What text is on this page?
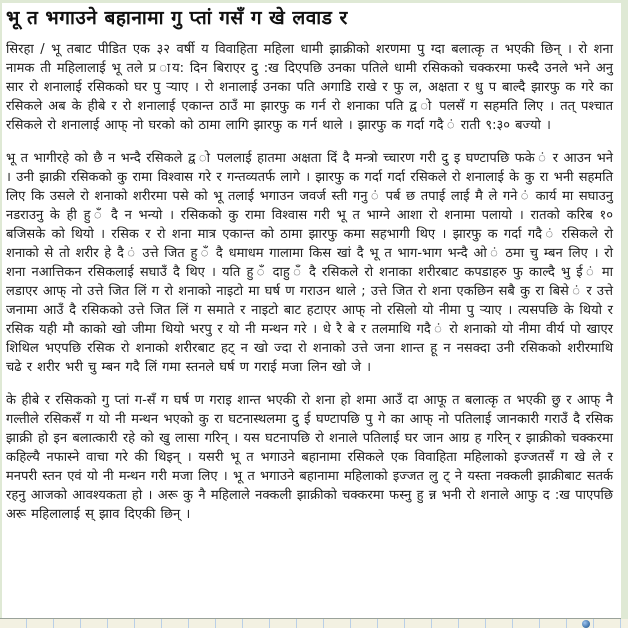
भू त भगाउने बहानामा गु प्तां गसँ ग खे लवाड र

सिरहा / भू तबाट पीडित एक ३२ वर्षी य विवाहिता महिला धामी झाक्रीको शरणमा पु ग्दा बलात्कृ त भएकी छिन् । रो शना नामक ती महिलालाई भू तले प्र ाय: दिन बिराएर दु :ख दिएपछि उनका पतिले धामी रसिकको चक्करमा फस्दै उनले भने अनु सार रो शनालाई रसिकको घर पु ऱ्याए । रो शनालाई उनका पति अगाडि राखे र फु ल, अक्षता र धु प बाल्दै झारफु क गरे का रसिकले अब के हीबे र रो शनालाई एकान्त ठाउँ मा झारफु क गर्न रो शनाका पति द्व ो पलसँ ग सहमति लिए । तत् पश्चात रसिकले रो शनालाई आफ् नो घरको को ठामा लागि झारफु क गर्न थाले । झारफु क गर्दा गदै ं राती ९:३० बज्यो ।

भू त भागीरहे को छै न भन्दै रसिकले द्व ो पललाई हातमा अक्षता दिं दै मन्त्रो च्चारण गरी दु इ घण्टापछि फके ं र आउन भने । उनी झाक्री रसिकको कु रामा विश्वास गरे र गन्तव्यतर्फ लागे । झारफु क गर्दा गर्दा रसिकले रो शनालाई के कु रा भनी सहमति लिए कि उसले रो शनाको शरीरमा पसे को भू तलाई भगाउन जवर्ज स्ती गनु ं पर्ब छ तपाई लाई मै ले गने ं कार्य मा सघाउनु नडराउनु के ही हु ँ दै न भन्यो । रसिकको कु रामा विश्वास गरी भू त भाग्ने आशा रो शनामा पलायो । रातको करिब १० बजिसके को थियो । रसिक र रो शना मात्र एकान्त को ठामा झारफु कमा सहभागी थिए । झारफु क गर्दा गदै ं रसिकले रो शनाको से तो शरीर हे दै ं उत्ते जित हु ँ दै धमाधम गालामा किस खां दै भू त भाग-भाग भन्दै ओ ं ठमा चु म्बन लिए । रो शना नआत्तिकन रसिकलाई सघाउँ दै थिए । यति हु ँ दाहु ँ दै रसिकले रो शनाका शरीरबाट कपडाहरु फु काल्दै भु ई ं मा लडाएर आफ् नो उत्ते जित लिं ग रो शनाको नाइटो मा घर्ष ण गराउन थाले ; उत्ते जित रो शना एकछिन सबै कु रा बिसे ं र उत्ते जनामा आउँ दै रसिकको उत्ते जित लिं ग समाते र नाइटो बाट हटाएर आफ् नो रसिलो यो नीमा पु ऱ्याए । त्यसपछि के थियो र रसिक यही मौ काको खो जीमा थियो भरपु र यो नी मन्थन गरे । धे रै बे र तलमाथि गदै ं रो शनाको यो नीमा वीर्य पो खाएर शिथिल भएपछि रसिक रो शनाको शरीरबाट हट् न खो ज्दा रो शनाको उत्ते जना शान्त हू न नसक्दा उनी रसिकको शरीरमाथि चढे र शरीर भरी चु म्बन गदै लिं गमा स्तनले घर्ष ण गराई मजा लिन खो जे ।

के हीबे र रसिकको गु प्तां ग-सँ ग घर्ष ण गराइ शान्त भएकी रो शना हो शमा आउँ दा आफू त बलात्कृ त भएकी छु र आफ् नै गल्तीले रसिकसँ ग यो नी मन्थन भएको कु रा घटनास्थलमा दु ई घण्टापछि पु गे का आफ् नो पतिलाई जानकारी गराउँ दै रसिक झाक्री हो इन बलात्कारी रहे को खु लासा गरिन् । यस घटनापछि रो शनाले पतिलाई घर जान आग्र ह गरिन् र झाक्रीको चक्करमा कहिल्यै नफास्ने वाचा गरे की थिइन् । यसरी भू त भगाउने बहानामा रसिकले एक विवाहिता महिलाको इज्जतसँ ग खे ले र मनपरी स्तन एवं यो नी मन्थन गरी मजा लिए । भू त भगाउने बहानामा महिलाको इज्जत लु ट् ने यस्ता नक्कली झाक्रीबाट सतर्क रहनु आजको आवश्यकता हो । अरू कु नै महिलाले नक्कली झाक्रीको चक्करमा फस्नु हु न्न भनी रो शनाले आफु द :ख पाएपछि अरू महिलालाई स् झाव दिएकी छिन् ।
